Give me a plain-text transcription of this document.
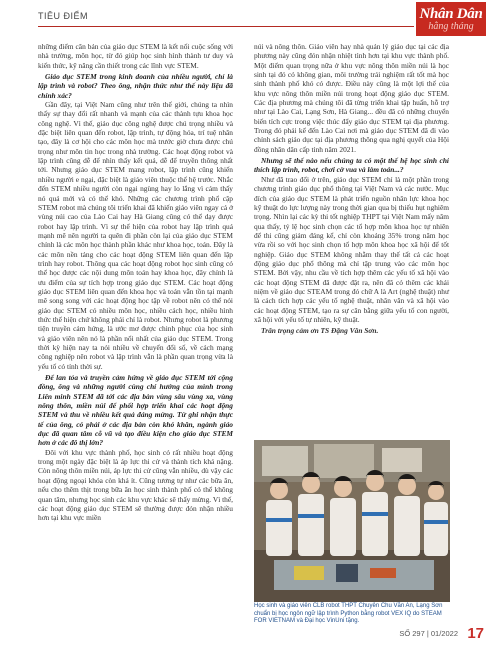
TIÊU ĐIỂM	Nhân Dân
hằng tháng

những điểm căn bản của giáo dục STEM là kết nối cuộc sống với nhà trường, môn học, từ đó giúp học sinh hình thành tư duy và kiến thức, kỹ năng cần thiết trong các lĩnh vực STEM.

Giáo dục STEM trong kinh doanh của nhiều người, chỉ là lập trình và robot? Theo ông, nhận thức như thế này liệu đã chính xác?

Gần đây, tại Việt Nam cũng như trên thế giới, chúng ta nhìn thấy sự thay đổi rất nhanh và mạnh của các thành tựu khoa học công nghệ. Vì thế, giáo dục công nghệ được chú trọng nhiều và đặc biệt liên quan đến robot, lập trình, tự động hóa, trí tuệ nhân tạo, đây là cơ hội cho các môn học mà trước giờ chưa được chú trọng như môn tin học trong nhà trường. Các hoạt động robot và lập trình cũng dễ để nhìn thấy kết quả, dễ để truyền thông nhất tới. Nhưng giáo dục STEM mang robot, lập trình cũng khiến nhiều người e ngại, đặc biệt là giáo viên thuộc thế hệ trước. Nhắc đến STEM nhiều người còn ngại ngùng hay lo lắng vì cảm thấy nó quá mới và có thể khó. Những các chương trình phổ cập STEM robot mà chúng tôi triển khai đã khiến giáo viên ngay cả ở vùng núi cao của Lào Cai hay Hà Giang cũng có thể dạy được robot hay lập trình. Vì sự thể hiện của robot hay lập trình quá mạnh mẽ nên người ta quên đi phần còn lại của giáo dục STEM chính là các môn học thành phần khác như khoa học, toán. Đây là các môn nền tảng cho các hoạt động STEM liên quan đến lập trình hay robot. Thông qua các hoạt động robot học sinh cũng có thể học được các nội dung môn toán hay khoa học, đây chính là ưu điểm của sự tích hợp trong giáo dục STEM. Các hoạt động giáo dục STEM liên quan đến khoa học và toán vẫn tồn tại mạnh mẽ song song với các hoạt động học tập về robot nên có thể nói giáo dục STEM có nhiều môn học, nhiều cách học, nhiều hình thức thể hiện chứ không phải chỉ là robot. Nhưng robot là phương tiện truyền cảm hứng, là ước mơ được chinh phục của học sinh và giáo viên nên nó là phần nổi nhất của giáo dục STEM. Trong thời kỳ hiện nay ta nói nhiều về chuyển đổi số, về cách mạng công nghiệp nên robot và lập trình vẫn là phần quan trọng vừa là yếu tố có tính thời sự.

Để lan tỏa và truyền cảm hứng về giáo dục STEM tới cộng đồng, ông và những người cùng chí hướng của mình trong Liên minh STEM đã tới các địa bàn vùng sâu vùng xa, vùng nông thôn, miền núi để phối hợp triển khai các hoạt động STEM và thu về nhiều kết quả đáng mừng. Từ ghi nhận thực tế của ông, có phải ở các địa bàn còn khó khăn, ngành giáo dục đã quan tâm cỗ vũ và tạo điều kiện cho giáo dục STEM hơn ở các đô thị lớn?

Đôi với khu vực thành phố, học sinh có rất nhiều hoạt động trong một ngày đặc biệt là áp lực thi cử và thành tích khá nặng. Còn nông thôn miền núi, áp lực thi cử cũng vẫn nhiều, dù vậy các hoạt động ngoại khóa còn khá ít. Cũng tương tự như các bữa ăn, nếu cho thêm thịt trong bữa ăn học sinh thành phố có thể không quan tâm, nhưng học sinh các khu vực khác sẽ thấy mừng. Vì thế, các hoạt động giáo dục STEM sẽ thường được đón nhận nhiều hơn tại khu vực miền

núi và nông thôn. Giáo viên hay nhà quản lý giáo dục tại các địa phương này cũng đón nhận nhiệt tình hơn tại khu vực thành phố. Một điểm quan trọng nữa ở khu vực nông thôn miền núi là học sinh tại đó có không gian, môi trường trải nghiệm rất tốt mà học sinh thành phố khó có được. Điều này cũng là một lợi thế của khu vực nông thôn miền núi trong hoạt động giáo dục STEM. Các địa phương mà chúng tôi đã từng triển khai tập huấn, hỗ trợ như tại Lào Cai, Lạng Sơn, Hà Giang... đều đã có những chuyển biến tích cực trong việc thúc đẩy giáo dục STEM tại địa phương. Trong đó phải kể đến Lào Cai nơi mà giáo dục STEM đã đi vào chính sách giáo dục tại địa phương thông qua nghị quyết của Hội đồng nhân dân cấp tỉnh năm 2021.

Nhưng sẽ thế nào nếu chúng ta có một thế hệ học sinh chỉ thích lập trình, robot, chơi cờ vua và làm toán...?

Như đã trao đổi ở trên, giáo dục STEM chỉ là một phần trong chương trình giáo dục phổ thông tại Việt Nam và các nước. Mục đích của giáo dục STEM là phát triển nguồn nhân lực khoa học kỹ thuật do lực lượng này trong thời gian qua bị thiếu hụt nghiêm trọng. Nhìn lại các kỳ thi tốt nghiệp THPT tại Việt Nam mấy năm qua thấy, tỷ lệ học sinh chọn các tổ hợp môn khoa học tự nhiên để thi cũng giảm đáng kể, chỉ còn khoảng 35% trong năm học vừa rồi so với học sinh chọn tổ hợp môn khoa học xã hội để tốt nghiệp. Giáo dục STEM không nhằm thay thế tất cả các hoạt động giáo dục phổ thông mà chỉ tập trung vào các môn học STEM. Bởi vậy, nhu cầu về tích hợp thêm các yếu tố xã hội vào các hoạt động STEM đã được đặt ra, nên đã có thêm các khái niệm về giáo dục STEAM trong đó chữ A là Art (nghệ thuật) như là cách tích hợp các yếu tố nghệ thuật, nhân văn và xã hội vào các hoạt động STEM, tạo ra sự cân bằng giữa yếu tố con người, xã hội với yếu tố tự nhiên, kỹ thuật.

Trân trọng cảm ơn TS Đặng Văn Sơn.

Học sinh và giáo viên CLB robot THPT Chuyên Chu Văn An, Lạng Sơn chuẩn bị học ngôn ngữ lập trình Python bằng robot VEX IQ do STEAM FOR VIETNAM và Đại học VinUni tặng.
SỐ 297 | 01/2022 17
